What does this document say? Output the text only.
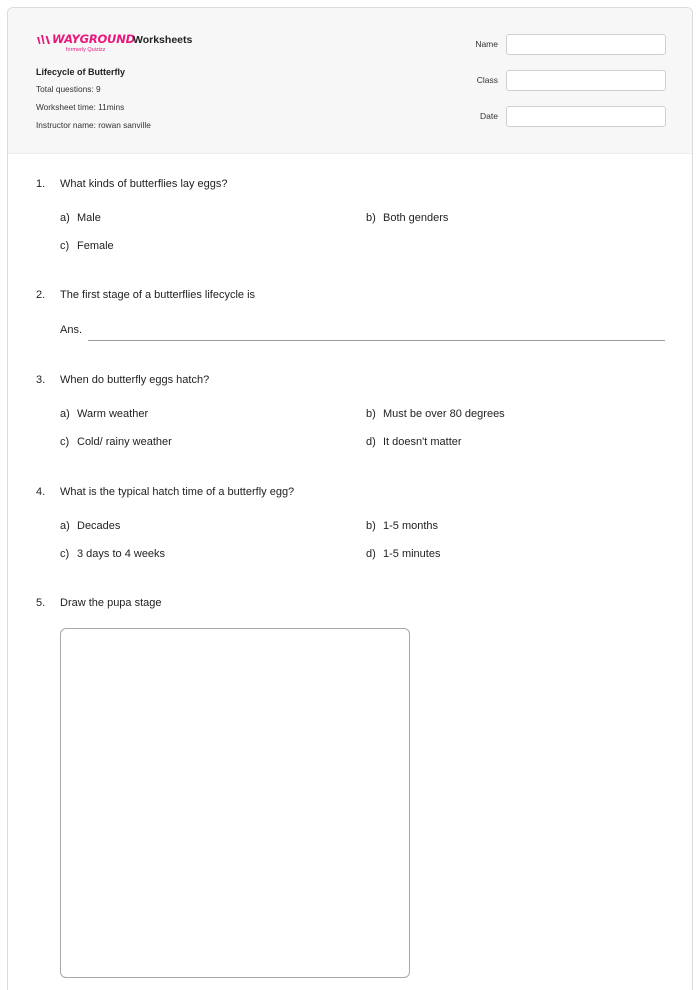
WAYGROUND
formerly Quizizz
Worksheets
Lifecycle of Butterfly
Total questions: 9
Worksheet time: 11mins
Instructor name: rowan sanville
Name
Class
Date
1. What kinds of butterflies lay eggs?
a) Male	b) Both genders
c) Female
2. The first stage of a butterflies lifecycle is
Ans.
3. When do butterfly eggs hatch?
a) Warm weather	b) Must be over 80 degrees
c) Cold/ rainy weather	d) It doesn't matter
4. What is the typical hatch time of a butterfly egg?
a) Decades	b) 1-5 months
c) 3 days to 4 weeks	d) 1-5 minutes
5. Draw the pupa stage
